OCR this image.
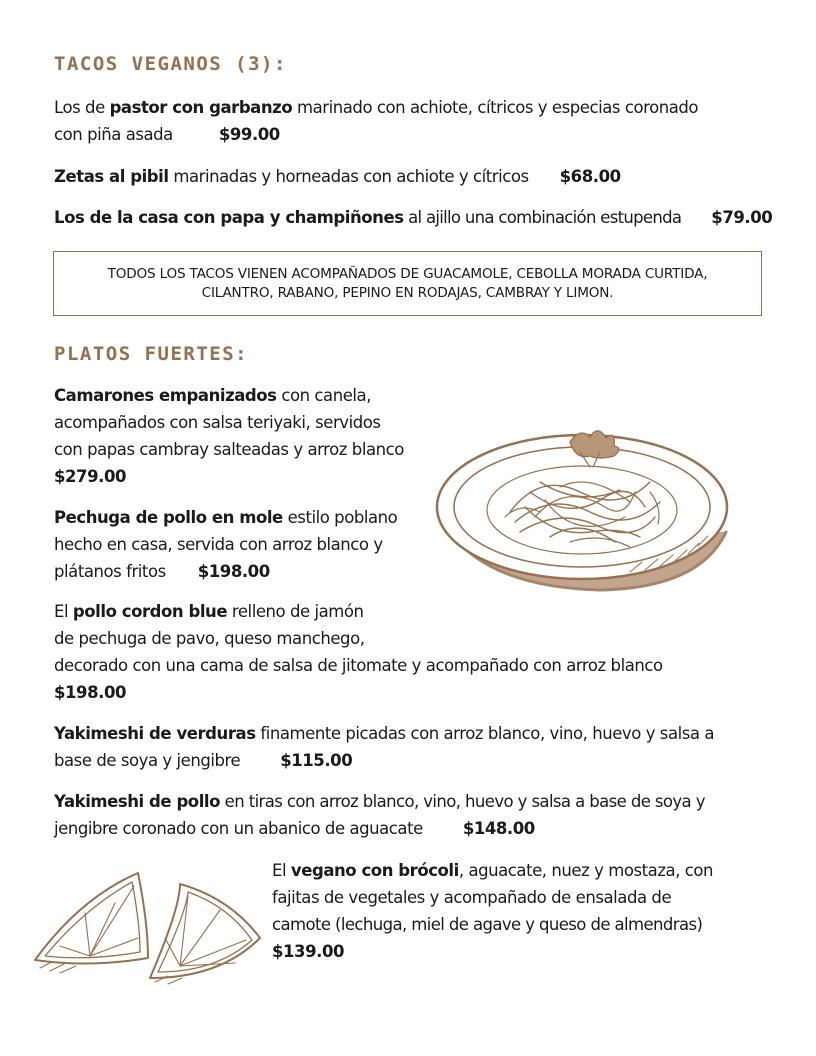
TACOS VEGANOS (3):

Los de pastor con garbanzo marinado con achiote, cítricos y especias coronado
con piña asada	$99.00

Zetas al pibil marinadas y horneadas con achiote y cítricos $68.00

Los de la casa con papa y champiñones al ajillo una combinación estupenda $79.00

TODOS LOS TACOS VIENEN ACOMPAÑADOS DE GUACAMOLE, CEBOLLA MORADA CURTIDA, CILANTRO, RABANO, PEPINO EN RODAJAS, CAMBRAY Y LIMON.
PLATOS FUERTES:

Camarones empanizados con canela,
acompañados con salsa teriyaki, servidos
con papas cambray salteadas y arroz blanco
$279.00

Pechuga de pollo en mole estilo poblano
hecho en casa, servida con arroz blanco y
plátanos fritos $198.00

El pollo cordon blue relleno de jamón
de pechuga de pavo, queso manchego,
decorado con una cama de salsa de jitomate y acompañado con arroz blanco
$198.00

Yakimeshi de verduras finamente picadas con arroz blanco, vino, huevo y salsa a
base de soya y jengibre $115.00

Yakimeshi de pollo en tiras con arroz blanco, vino, huevo y salsa a base de soya y
jengibre coronado con un abanico de aguacate $148.00

El vegano con brócoli, aguacate, nuez y mostaza, con
fajitas de vegetales y acompañado de ensalada de
camote (lechuga, miel de agave y queso de almendras)
$139.00
